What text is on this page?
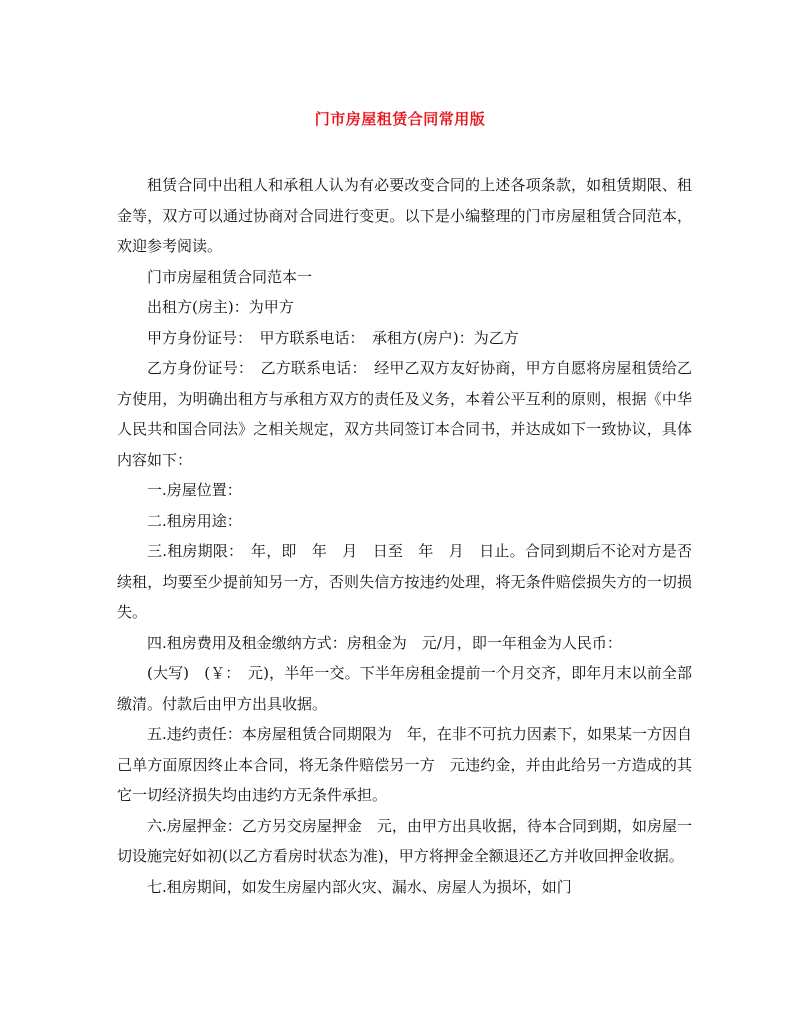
门市房屋租赁合同常用版

租赁合同中出租人和承租人认为有必要改变合同的上述各项条款，如租赁期限、租金等，双方可以通过协商对合同进行变更。以下是小编整理的门市房屋租赁合同范本，欢迎参考阅读。

门市房屋租赁合同范本一

出租方(房主)：为甲方

甲方身份证号：　甲方联系电话：　承租方(房户)：为乙方

乙方身份证号：　乙方联系电话：　经甲乙双方友好协商，甲方自愿将房屋租赁给乙方使用，为明确出租方与承租方双方的责任及义务，本着公平互利的原则，根据《中华人民共和国合同法》之相关规定，双方共同签订本合同书，并达成如下一致协议，具体内容如下：

一.房屋位置：

二.租房用途：

三.租房期限：　年，即　年　月　日至　年　月　日止。合同到期后不论对方是否续租，均要至少提前知另一方，否则失信方按违约处理，将无条件赔偿损失方的一切损失。

四.租房费用及租金缴纳方式：房租金为　元/月，即一年租金为人民币：

(大写)　(￥：　元)，半年一交。下半年房租金提前一个月交齐，即年月末以前全部缴清。付款后由甲方出具收据。

五.违约责任：本房屋租赁合同期限为　年，在非不可抗力因素下，如果某一方因自己单方面原因终止本合同，将无条件赔偿另一方　元违约金，并由此给另一方造成的其它一切经济损失均由违约方无条件承担。

六.房屋押金：乙方另交房屋押金　元，由甲方出具收据，待本合同到期，如房屋一切设施完好如初(以乙方看房时状态为准)，甲方将押金全额退还乙方并收回押金收据。

七.租房期间，如发生房屋内部火灾、漏水、房屋人为损坏，如门
